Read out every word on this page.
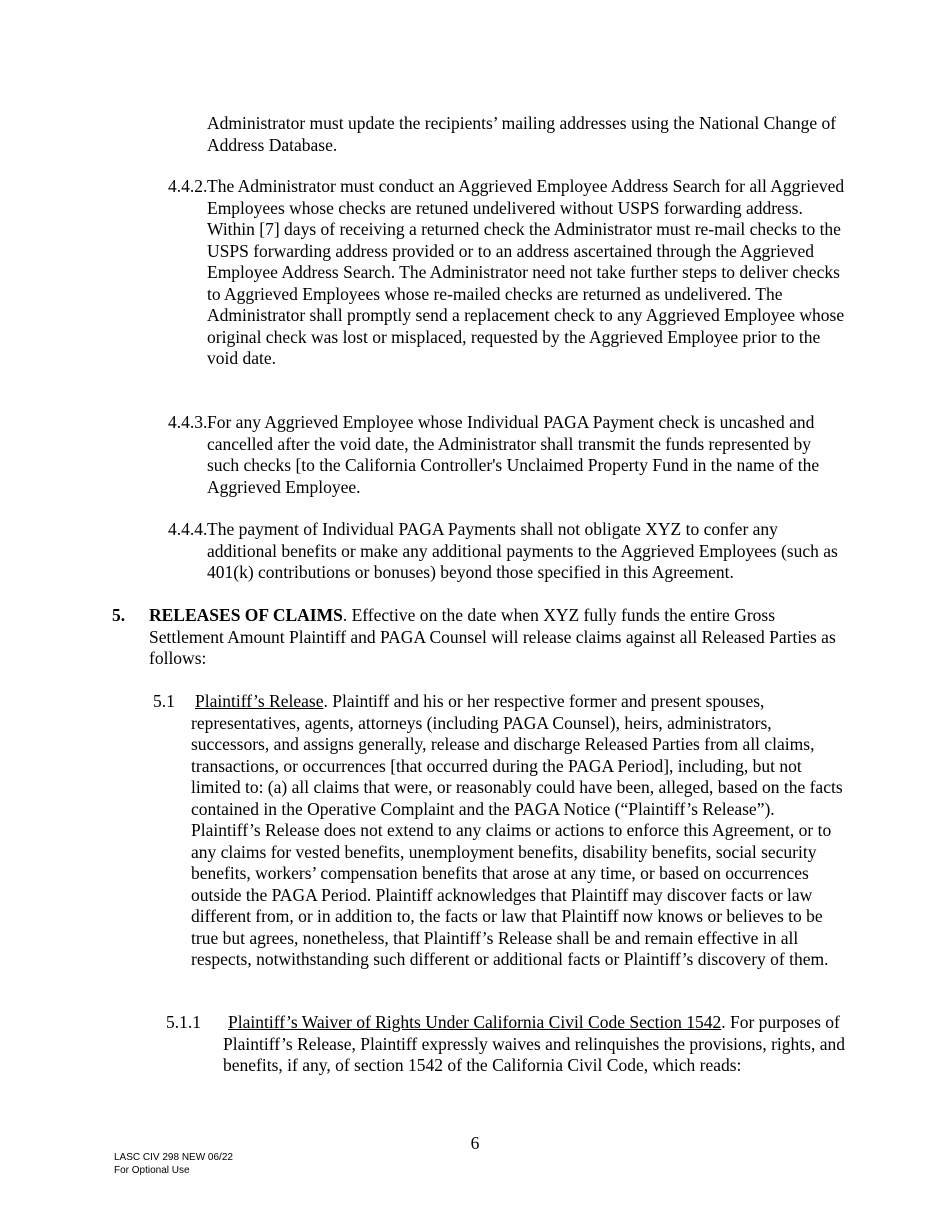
Administrator must update the recipients’ mailing addresses using the National Change of Address Database.

4.4.2.The Administrator must conduct an Aggrieved Employee Address Search for all Aggrieved Employees whose checks are retuned undelivered without USPS forwarding address. Within [7] days of receiving a returned check the Administrator must re-mail checks to the USPS forwarding address provided or to an address ascertained through the Aggrieved Employee Address Search. The Administrator need not take further steps to deliver checks to Aggrieved Employees whose re-mailed checks are returned as undelivered. The Administrator shall promptly send a replacement check to any Aggrieved Employee whose original check was lost or misplaced, requested by the Aggrieved Employee prior to the void date.

4.4.3.For any Aggrieved Employee whose Individual PAGA Payment check is uncashed and cancelled after the void date, the Administrator shall transmit the funds represented by such checks [to the California Controller's Unclaimed Property Fund in the name of the Aggrieved Employee.

4.4.4.The payment of Individual PAGA Payments shall not obligate XYZ to confer any additional benefits or make any additional payments to the Aggrieved Employees (such as 401(k) contributions or bonuses) beyond those specified in this Agreement.

5. RELEASES OF CLAIMS. Effective on the date when XYZ fully funds the entire Gross Settlement Amount Plaintiff and PAGA Counsel will release claims against all Released Parties as follows:

5.1 Plaintiff’s Release. Plaintiff and his or her respective former and present spouses, representatives, agents, attorneys (including PAGA Counsel), heirs, administrators, successors, and assigns generally, release and discharge Released Parties from all claims, transactions, or occurrences [that occurred during the PAGA Period], including, but not limited to: (a) all claims that were, or reasonably could have been, alleged, based on the facts contained in the Operative Complaint and the PAGA Notice (“Plaintiff’s Release”). Plaintiff’s Release does not extend to any claims or actions to enforce this Agreement, or to any claims for vested benefits, unemployment benefits, disability benefits, social security benefits, workers’ compensation benefits that arose at any time, or based on occurrences outside the PAGA Period. Plaintiff acknowledges that Plaintiff may discover facts or law different from, or in addition to, the facts or law that Plaintiff now knows or believes to be true but agrees, nonetheless, that Plaintiff’s Release shall be and remain effective in all respects, notwithstanding such different or additional facts or Plaintiff’s discovery of them.

5.1.1 Plaintiff’s Waiver of Rights Under California Civil Code Section 1542. For purposes of Plaintiff’s Release, Plaintiff expressly waives and relinquishes the provisions, rights, and benefits, if any, of section 1542 of the California Civil Code, which reads:

6
LASC CIV 298 NEW 06/22
For Optional Use
